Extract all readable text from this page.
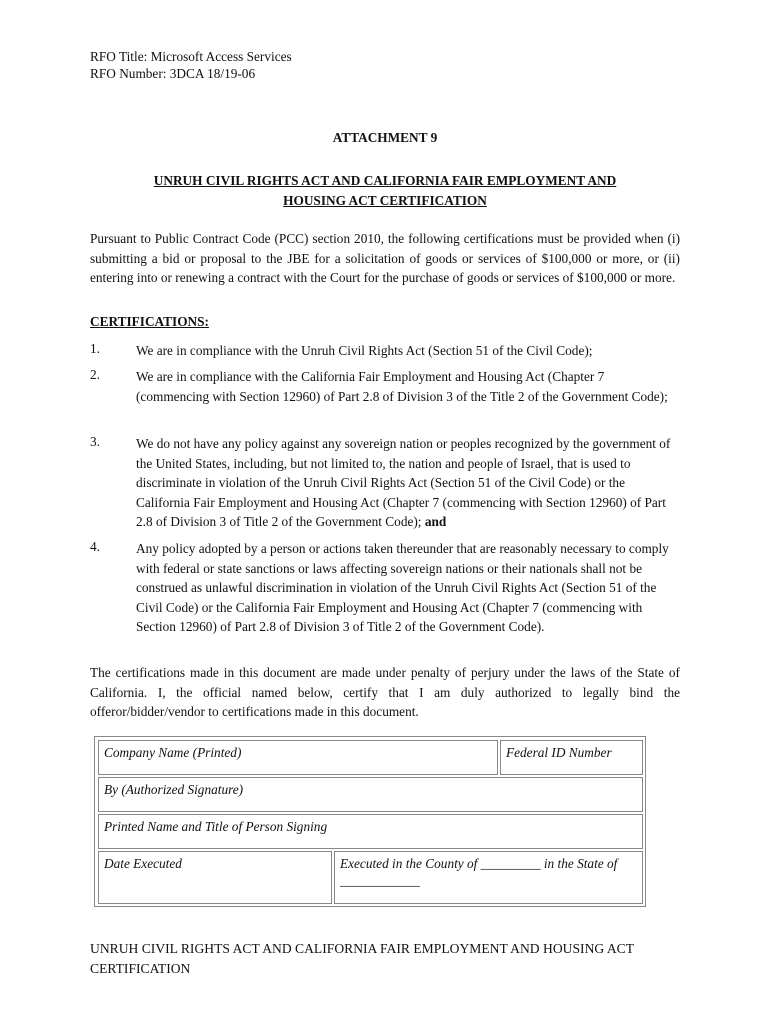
RFO Title: Microsoft Access Services
RFO Number: 3DCA 18/19-06
ATTACHMENT 9
UNRUH CIVIL RIGHTS ACT AND CALIFORNIA FAIR EMPLOYMENT AND
HOUSING ACT CERTIFICATION
Pursuant to Public Contract Code (PCC) section 2010, the following certifications must be provided when (i) submitting a bid or proposal to the JBE for a solicitation of goods or services of $100,000 or more, or (ii) entering into or renewing a contract with the Court for the purchase of goods or services of $100,000 or more.
CERTIFICATIONS:
1.	We are in compliance with the Unruh Civil Rights Act (Section 51 of the Civil Code);
2.	We are in compliance with the California Fair Employment and Housing Act (Chapter 7 (commencing with Section 12960) of Part 2.8 of Division 3 of the Title 2 of the Government Code);
3.	We do not have any policy against any sovereign nation or peoples recognized by the government of the United States, including, but not limited to, the nation and people of Israel, that is used to discriminate in violation of the Unruh Civil Rights Act (Section 51 of the Civil Code) or the California Fair Employment and Housing Act (Chapter 7 (commencing with Section 12960) of Part 2.8 of Division 3 of Title 2 of the Government Code); and
4.	Any policy adopted by a person or actions taken thereunder that are reasonably necessary to comply with federal or state sanctions or laws affecting sovereign nations or their nationals shall not be construed as unlawful discrimination in violation of the Unruh Civil Rights Act (Section 51 of the Civil Code) or the California Fair Employment and Housing Act (Chapter 7 (commencing with Section 12960) of Part 2.8 of Division 3 of Title 2 of the Government Code).
The certifications made in this document are made under penalty of perjury under the laws of the State of California. I, the official named below, certify that I am duly authorized to legally bind the offeror/bidder/vendor to certifications made in this document.
Company Name (Printed)	Federal ID Number
By (Authorized Signature)
Printed Name and Title of Person Signing
Date Executed	Executed in the County of _________ in the State of ____________
UNRUH CIVIL RIGHTS ACT AND CALIFORNIA FAIR EMPLOYMENT AND HOUSING ACT CERTIFICATION
